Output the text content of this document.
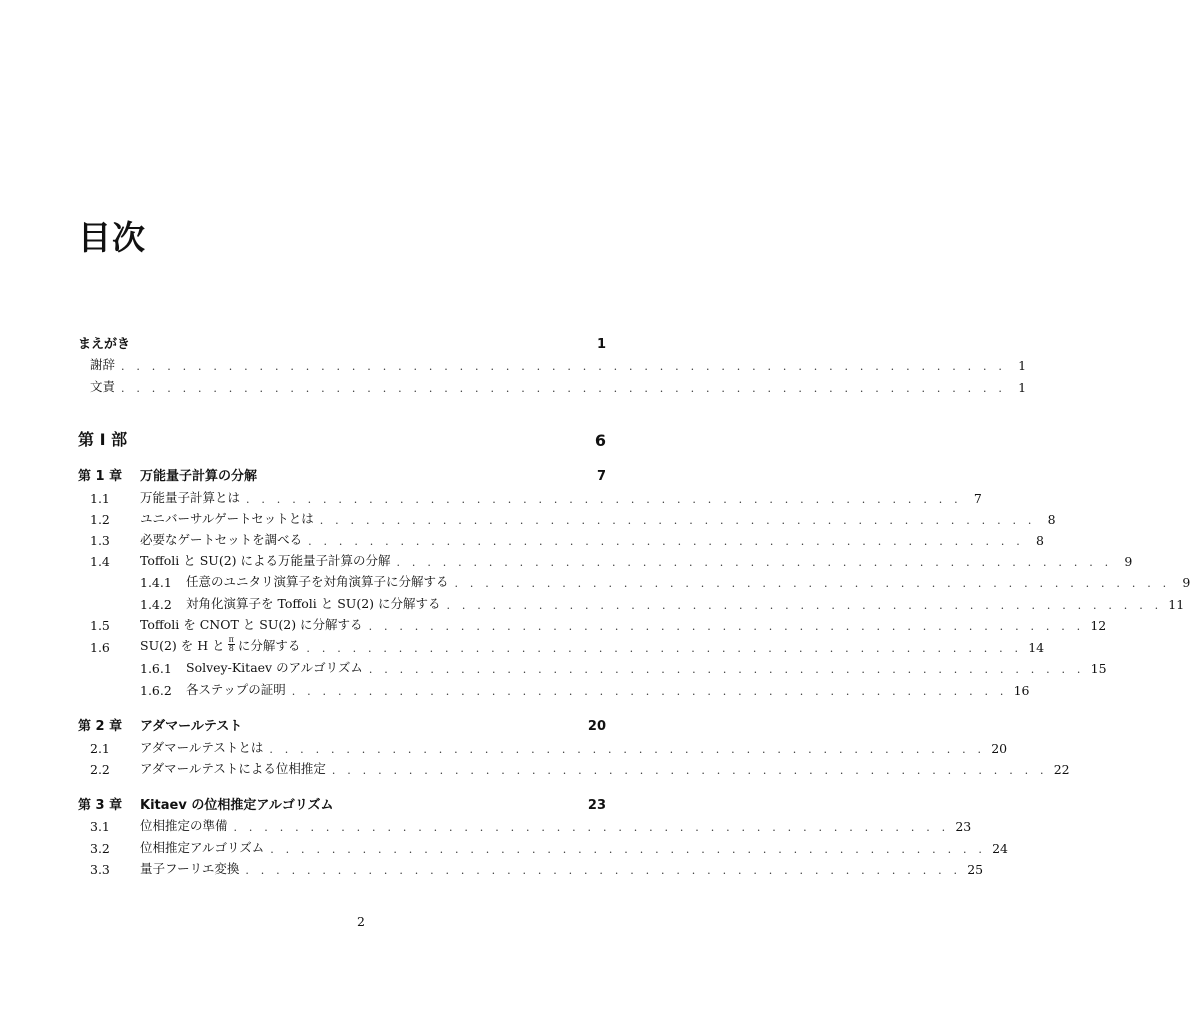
目次
まえがき	1
謝辞 . . . . . . . . . . . . . . . . . . . . . . . . . . . . . . . . . . . . . . . . . . . . . . . . . . . . . . . . . . 1
文責 . . . . . . . . . . . . . . . . . . . . . . . . . . . . . . . . . . . . . . . . . . . . . . . . . . . . . . . . . . 1
第 I 部	6
第 1 章	万能量子計算の分解	7
1.1	万能量子計算とは . . . . . . . . . . . . . . . . . . . . . . . . . . . . . . . . . . . . . . . . . . . . . . . 7
1.2	ユニバーサルゲートセットとは . . . . . . . . . . . . . . . . . . . . . . . . . . . . . . . . . . . . . . . . . . . . . . . 8
1.3	必要なゲートセットを調べる . . . . . . . . . . . . . . . . . . . . . . . . . . . . . . . . . . . . . . . . . . . . . . . 8
1.4	Toffoli と SU(2) による万能量子計算の分解 . . . . . . . . . . . . . . . . . . . . . . . . . . . . . . . . . . . . . . . . . . . . . . . 9
1.4.1	任意のユニタリ演算子を対角演算子に分解する . . . . . . . . . . . . . . . . . . . . . . . . . . . . . . . . . . . . . . . . . . . . . . . 9
1.4.2	対角化演算子を Toffoli と SU(2) に分解する . . . . . . . . . . . . . . . . . . . . . . . . . . . . . . . . . . . . . . . . . . . . . . . 11
1.5	Toffoli を CNOT と SU(2) に分解する . . . . . . . . . . . . . . . . . . . . . . . . . . . . . . . . . . . . . . . . . . . . . . . 12
1.6	SU(2) を H と $\frac{\pi}{8}$ に分解する . . . . . . . . . . . . . . . . . . . . . . . . . . . . . . . . . . . . . . . . . . . . . . . 14
1.6.1	Solvey-Kitaev のアルゴリズム . . . . . . . . . . . . . . . . . . . . . . . . . . . . . . . . . . . . . . . . . . . . . . . 15
1.6.2	各ステップの証明 . . . . . . . . . . . . . . . . . . . . . . . . . . . . . . . . . . . . . . . . . . . . . . . 16
第 2 章	アダマールテスト	20
2.1	アダマールテストとは . . . . . . . . . . . . . . . . . . . . . . . . . . . . . . . . . . . . . . . . . . . . . . . 20
2.2	アダマールテストによる位相推定 . . . . . . . . . . . . . . . . . . . . . . . . . . . . . . . . . . . . . . . . . . . . . . . 22
第 3 章	Kitaev の位相推定アルゴリズム	23
3.1	位相推定の準備 . . . . . . . . . . . . . . . . . . . . . . . . . . . . . . . . . . . . . . . . . . . . . . . 23
3.2	位相推定アルゴリズム . . . . . . . . . . . . . . . . . . . . . . . . . . . . . . . . . . . . . . . . . . . . . . . 24
3.3	量子フーリエ変換 . . . . . . . . . . . . . . . . . . . . . . . . . . . . . . . . . . . . . . . . . . . . . . . 25
2
